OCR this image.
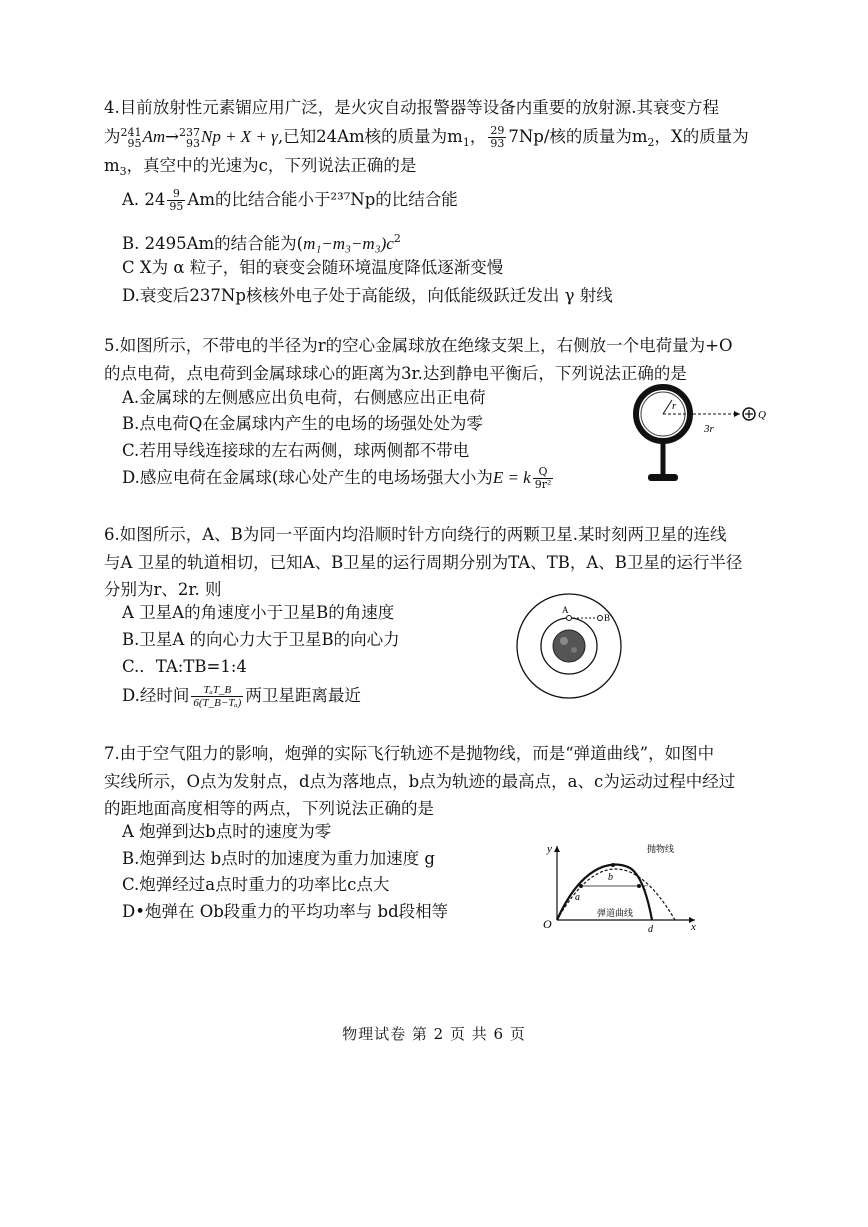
4.目前放射性元素镅应用广泛，是火灾自动报警器等设备内重要的放射源.其衰变方程
为 241
95 Am→ 237
93 Np + X + γ,已知24Am核的质量为$m_1$， $\frac{29}{93} 7Np/$核的质量为$m_2$，X的质量为
$m_3$，真空中的光速为c，下列说法正确的是
A. $24 \frac{9}{95}$ Am的比结合能小于²³⁷Np的比结合能
B. 2495Am的结合能为$(m_1-m_3-m_3)c^2$
C X为 α 粒子，钼的衰变会随环境温度降低逐渐变慢
D.衰变后237Np核核外电子处于高能级，向低能级跃迁发出 γ 射线
5.如图所示，不带电的半径为r的空心金属球放在绝缘支架上，右侧放一个电荷量为+O
的点电荷，点电荷到金属球球心的距离为3r.达到静电平衡后，下列说法正确的是
A.金属球的左侧感应出负电荷，右侧感应出正电荷
B.点电荷Q在金属球内产生的电场的场强处处为零
C.若用导线连接球的左右两侧，球两侧都不带电
D.感应电荷在金属球(球心处产生的电场场强大小为E = k $\frac{Q}{\text{9r²}}$
r
3r
Q
6.如图所示，A、B为同一平面内均沿顺时针方向绕行的两颗卫星.某时刻两卫星的连线
与A 卫星的轨道相切，已知A、B卫星的运行周期分别为TA、TB，A、B卫星的运行半径
分别为r、2r. 则
A 卫星A的角速度小于卫星B的角速度
B.卫星A 的向心力大于卫星B的向心力
C.．TA:TB=1:4
D.经时间 $\frac{\text{TₐT\_B}}{\text{6(T\_B−Tₐ)}}$ 两卫星距离最近
A
B
7.由于空气阻力的影响，炮弹的实际飞行轨迹不是抛物线，而是“弹道曲线”，如图中
实线所示，O点为发射点，d点为落地点，b点为轨迹的最高点，a、c为运动过程中经过
的距地面高度相等的两点，下列说法正确的是
A 炮弹到达b点时的速度为零
B.炮弹到达 b点时的加速度为重力加速度 g
C.炮弹经过a点时重力的功率比c点大
D•炮弹在 Ob段重力的平均功率与 bd段相等
y
x
O
a
b
c
d
抛物线
弹道曲线
物理试卷 第 2 页 共 6 页
